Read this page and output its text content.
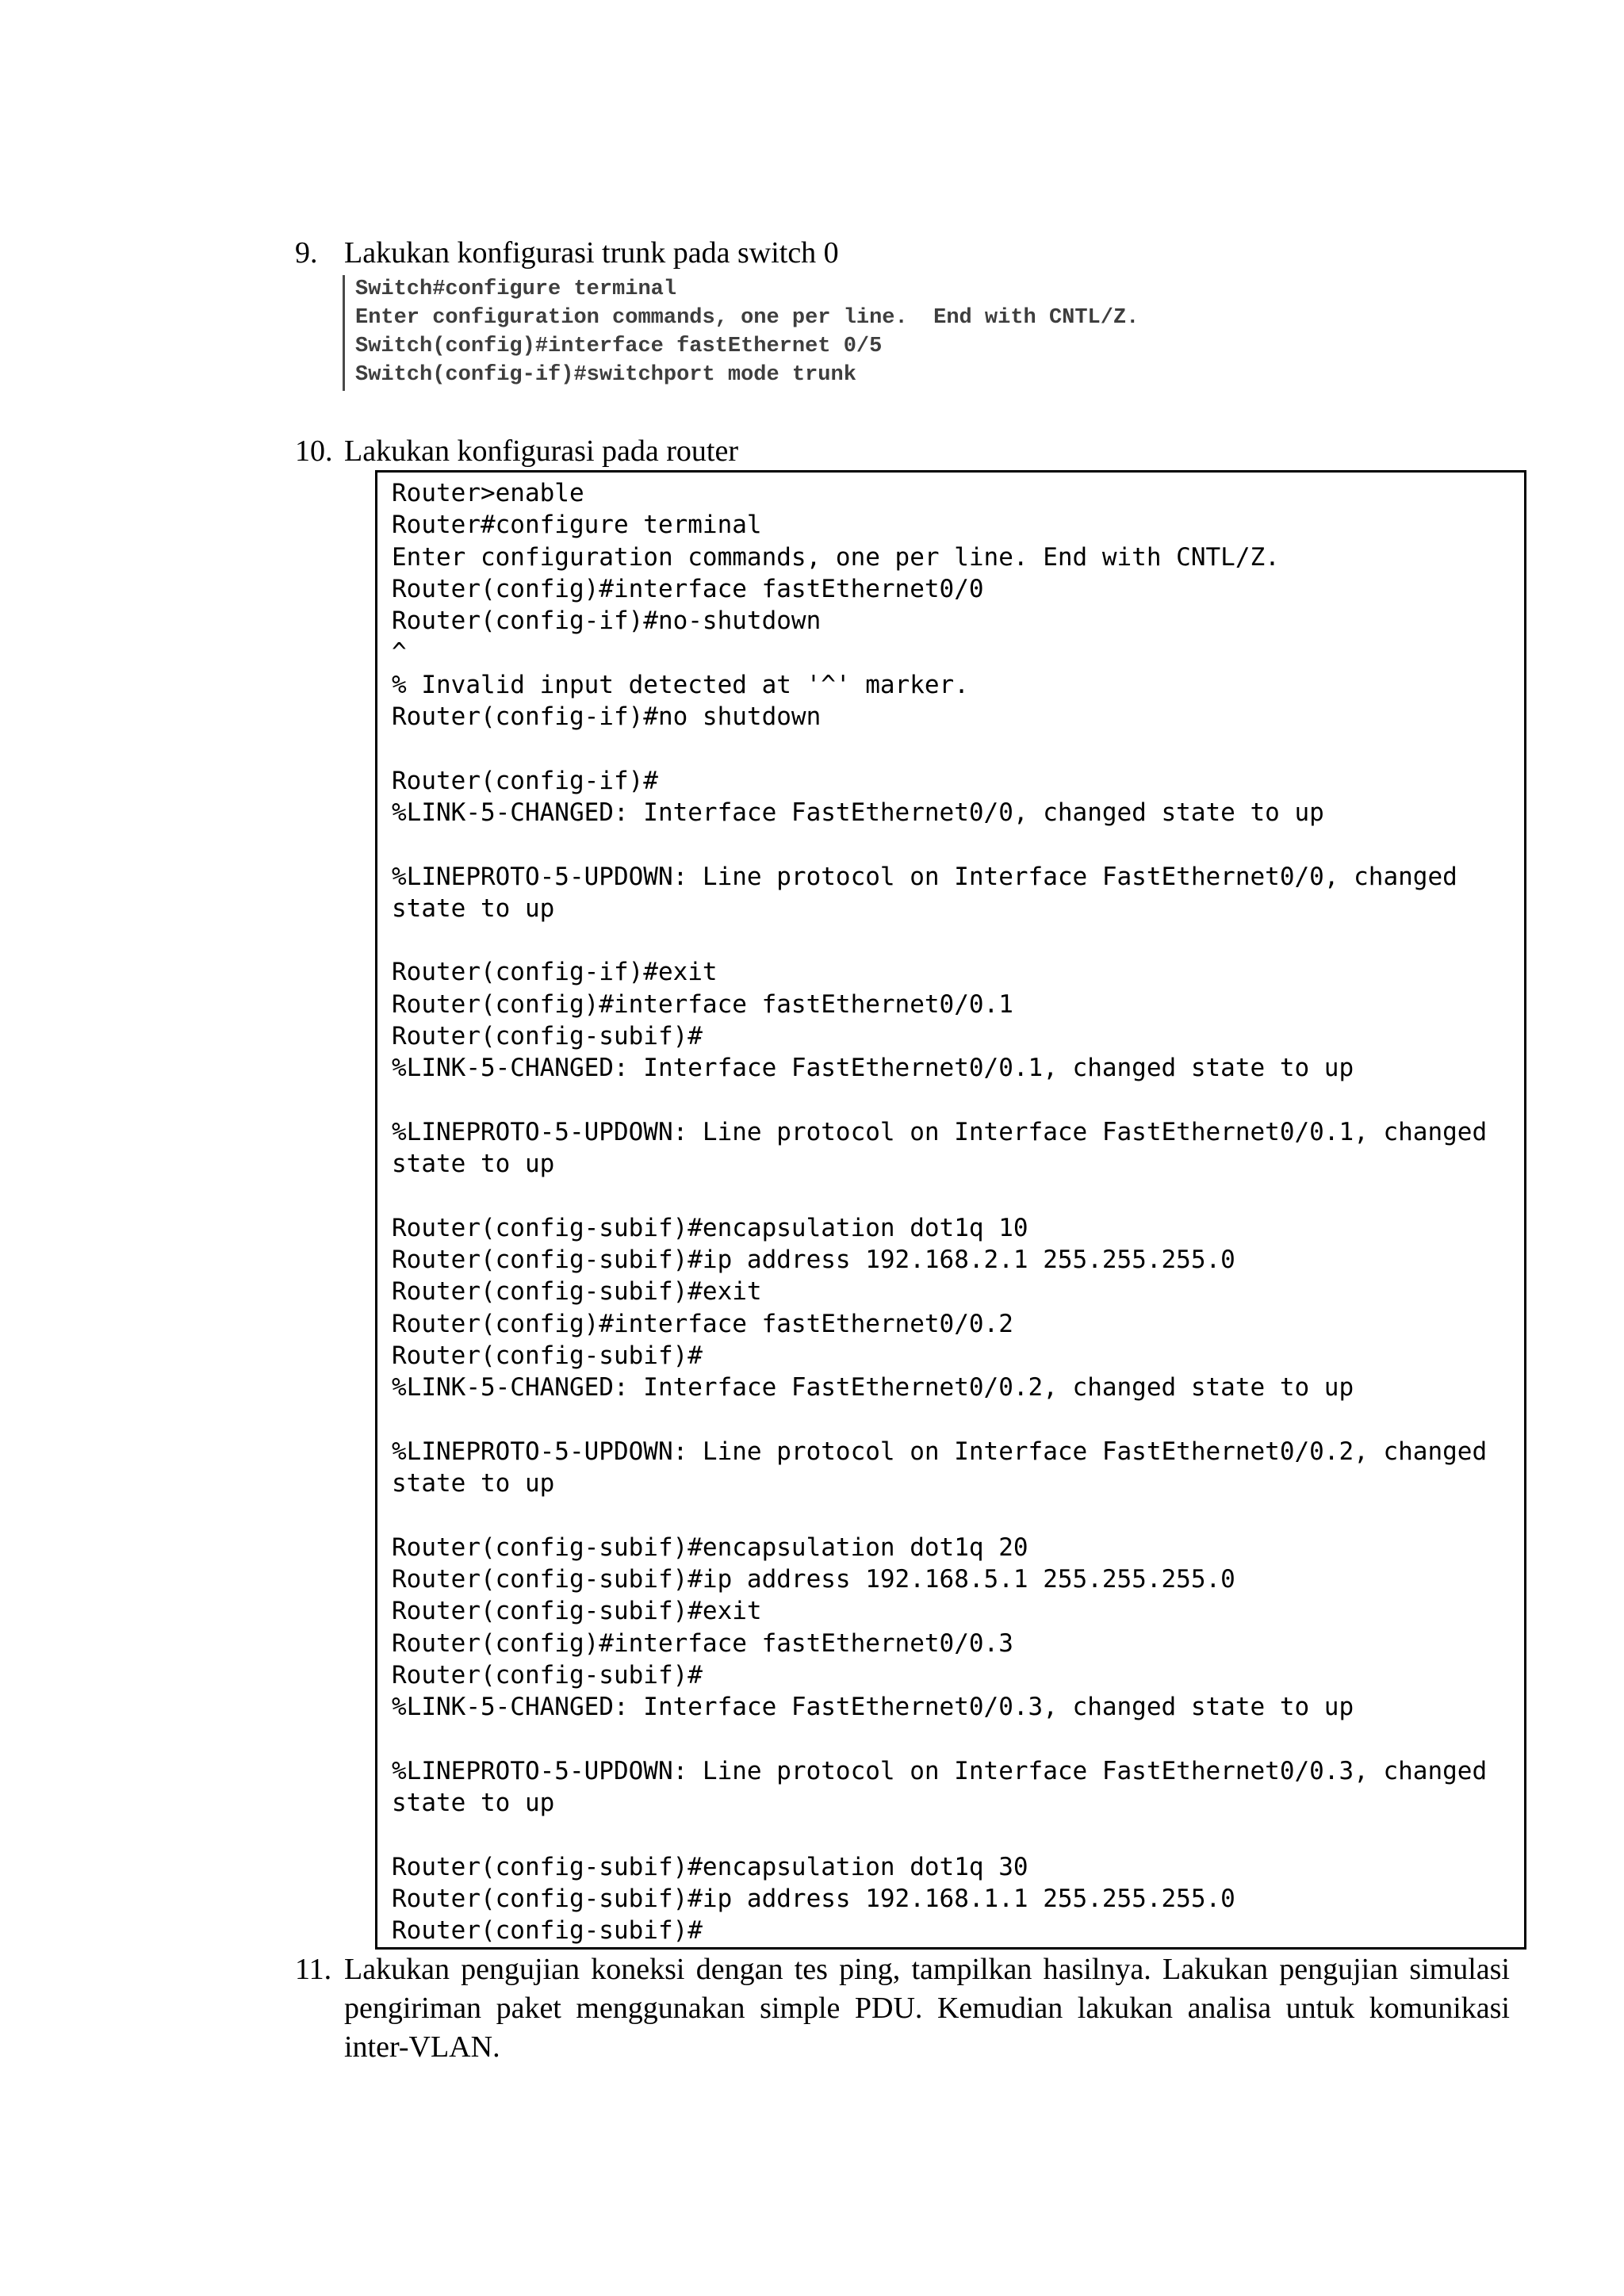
9. Lakukan konfigurasi trunk pada switch 0
Switch#configure terminal
Enter configuration commands, one per line.  End with CNTL/Z.
Switch(config)#interface fastEthernet 0/5
Switch(config-if)#switchport mode trunk
10. Lakukan konfigurasi pada router
Router>enable
Router#configure terminal
Enter configuration commands, one per line. End with CNTL/Z.
Router(config)#interface fastEthernet0/0
Router(config-if)#no-shutdown
^
% Invalid input detected at '^' marker.
Router(config-if)#no shutdown
Router(config-if)#
%LINK-5-CHANGED: Interface FastEthernet0/0, changed state to up
%LINEPROTO-5-UPDOWN: Line protocol on Interface FastEthernet0/0, changed
state to up
Router(config-if)#exit
Router(config)#interface fastEthernet0/0.1
Router(config-subif)#
%LINK-5-CHANGED: Interface FastEthernet0/0.1, changed state to up
%LINEPROTO-5-UPDOWN: Line protocol on Interface FastEthernet0/0.1, changed
state to up
Router(config-subif)#encapsulation dot1q 10
Router(config-subif)#ip address 192.168.2.1 255.255.255.0
Router(config-subif)#exit
Router(config)#interface fastEthernet0/0.2
Router(config-subif)#
%LINK-5-CHANGED: Interface FastEthernet0/0.2, changed state to up
%LINEPROTO-5-UPDOWN: Line protocol on Interface FastEthernet0/0.2, changed
state to up
Router(config-subif)#encapsulation dot1q 20
Router(config-subif)#ip address 192.168.5.1 255.255.255.0
Router(config-subif)#exit
Router(config)#interface fastEthernet0/0.3
Router(config-subif)#
%LINK-5-CHANGED: Interface FastEthernet0/0.3, changed state to up
%LINEPROTO-5-UPDOWN: Line protocol on Interface FastEthernet0/0.3, changed
state to up
Router(config-subif)#encapsulation dot1q 30
Router(config-subif)#ip address 192.168.1.1 255.255.255.0
Router(config-subif)#
11. Lakukan pengujian koneksi dengan tes ping, tampilkan hasilnya. Lakukan pengujian simulasi pengiriman paket menggunakan simple PDU. Kemudian lakukan analisa untuk komunikasi inter-VLAN.
